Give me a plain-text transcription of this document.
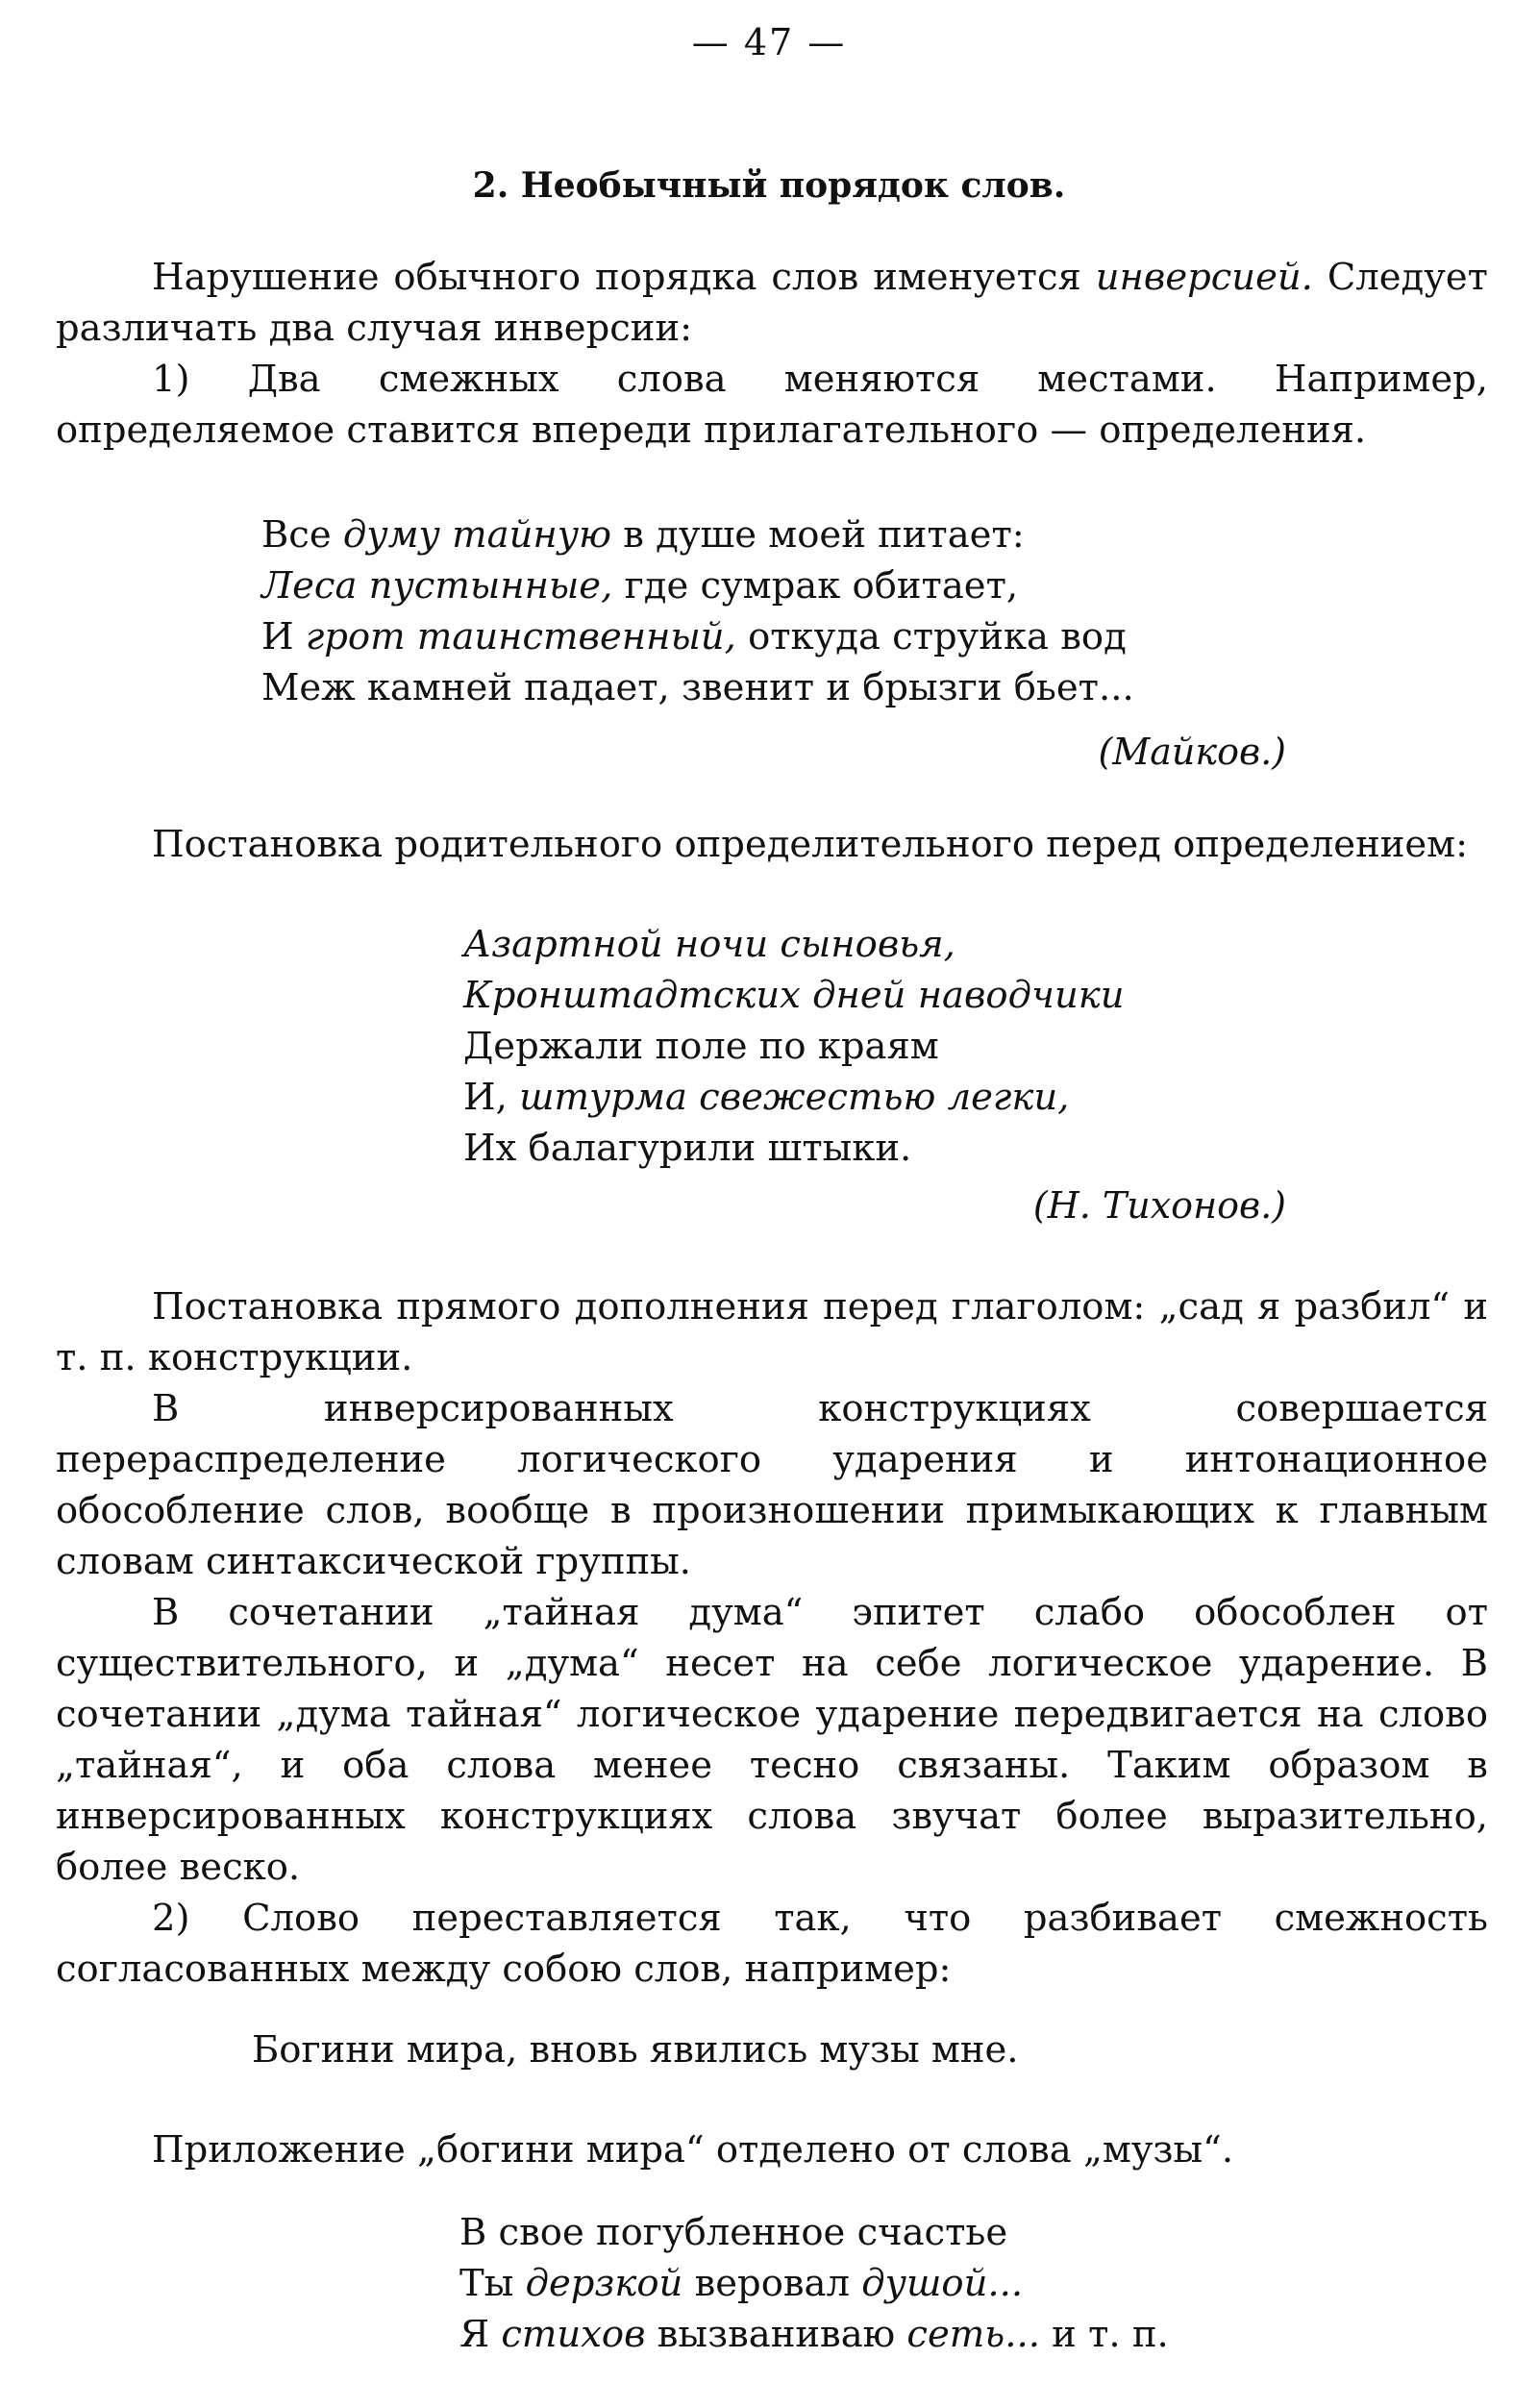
— 47 —
2. Необычный порядок слов.

Нарушение обычного порядка слов именуется инверсией. Следует различать два случая инверсии:

1) Два смежных слова меняются местами. Например, определяемое ставится впереди прилагательного — определения.

Все думу тайную в душе моей питает:
Леса пустынные, где сумрак обитает,
И грот таинственный, откуда струйка вод
Меж камней падает, звенит и брызги бьет...
(Майков.)

Постановка родительного определительного перед определением:

Азартной ночи сыновья,
Кронштадтских дней наводчики
Держали поле по краям
И, штурма свежестью легки,
Их балагурили штыки.
(Н. Тихонов.)

Постановка прямого дополнения перед глаголом: „сад я разбил“ и т. п. конструкции.

В инверсированных конструкциях совершается перераспределение логического ударения и интонационное обособление слов, вообще в произношении примыкающих к главным словам синтаксической группы.

В сочетании „тайная дума“ эпитет слабо обособлен от существительного, и „дума“ несет на себе логическое ударение. В сочетании „дума тайная“ логическое ударение передвигается на слово „тайная“, и оба слова менее тесно связаны. Таким образом в инверсированных конструкциях слова звучат более выразительно, более веско.

2) Слово переставляется так, что разбивает смежность согласованных между собою слов, например:

Богини мира, вновь явились музы мне.

Приложение „богини мира“ отделено от слова „музы“.

В свое погубленное счастье
Ты дерзкой веровал душой...
Я стихов вызваниваю сеть... и т. п.
